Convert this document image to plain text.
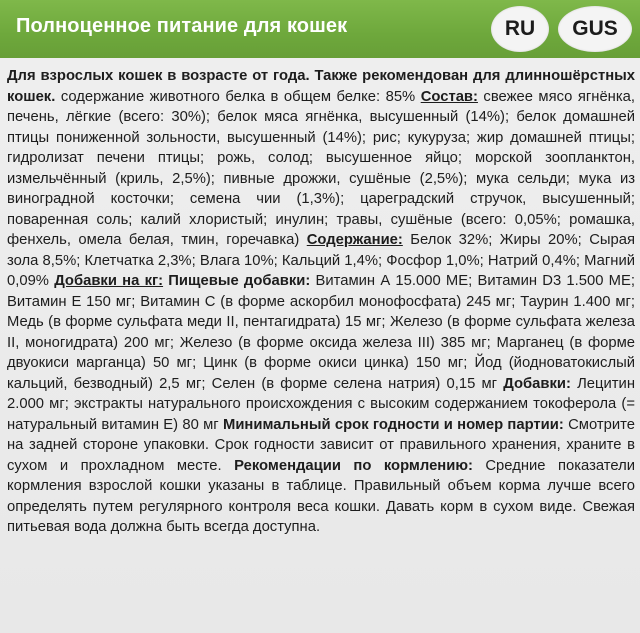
Полноценное питание для кошек	RU	GUS
Для взрослых кошек в возрасте от года. Также рекомендован для длинношёрстных кошек. содержание животного белка в общем белке: 85% Состав: свежее мясо ягнёнка, печень, лёгкие (всего: 30%); белок мяса ягнёнка, высушенный (14%); белок домашней птицы пониженной зольности, высушенный (14%); рис; кукуруза; жир домашней птицы; гидролизат печени птицы; рожь, солод; высушенное яйцо; морской зоопланктон, измельчённый (криль, 2,5%); пивные дрожжи, сушёные (2,5%); мука сельди; мука из виноградной косточки; семена чии (1,3%); цареградский стручок, высушенный; поваренная соль; калий хлористый; инулин; травы, сушёные (всего: 0,05%; ромашка, фенхель, омела белая, тмин, горечавка) Содержание: Белок 32%; Жиры 20%; Сырая зола 8,5%; Клетчатка 2,3%; Влага 10%; Кальций 1,4%; Фосфор 1,0%; Натрий 0,4%; Магний 0,09% Добавки на кг: Пищевые добавки: Витамин А 15.000 МЕ; Витамин D3 1.500 МЕ; Витамин Е 150 мг; Витамин С (в форме аскорбил монофосфата) 245 мг; Таурин 1.400 мг; Медь (в форме сульфата меди II, пентагидрата) 15 мг; Железо (в форме сульфата железа II, моногидрата) 200 мг; Железо (в форме оксида железа III) 385 мг; Марганец (в форме двуокиси марганца) 50 мг; Цинк (в форме окиси цинка) 150 мг; Йод (йодноватокислый кальций, безводный) 2,5 мг; Селен (в форме селена натрия) 0,15 мг Добавки: Лецитин 2.000 мг; экстракты натурального происхождения с высоким содержанием токоферола (= натуральный витамин Е) 80 мг Минимальный срок годности и номер партии: Смотрите на задней стороне упаковки. Срок годности зависит от правильного хранения, храните в сухом и прохладном месте. Рекомендации по кормлению: Средние показатели кормления взрослой кошки указаны в таблице. Правильный объем корма лучше всего определять путем регулярного контроля веса кошки. Давать корм в сухом виде. Свежая питьевая вода должна быть всегда доступна.
